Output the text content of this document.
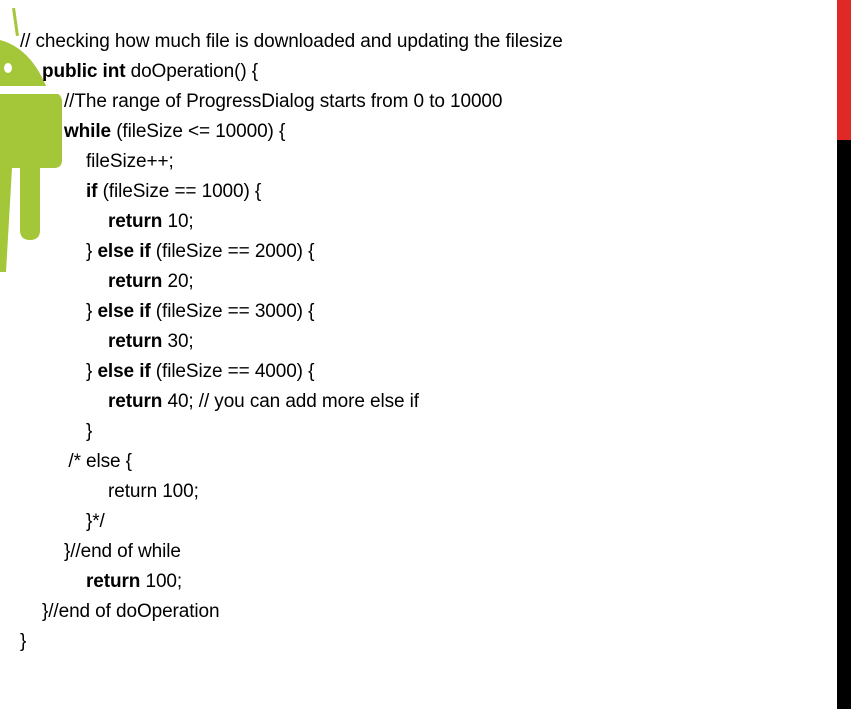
// checking how much file is downloaded and updating the filesize
public int doOperation() {
//The range of ProgressDialog starts from 0 to 10000
while (fileSize <= 10000) {
fileSize++;
if (fileSize == 1000) {
return 10;
} else if (fileSize == 2000) {
return 20;
} else if (fileSize == 3000) {
return 30;
} else if (fileSize == 4000) {
return 40; // you can add more else if
}
/* else {
return 100;
}*/
}//end of while
return 100;
}//end of doOperation
}
